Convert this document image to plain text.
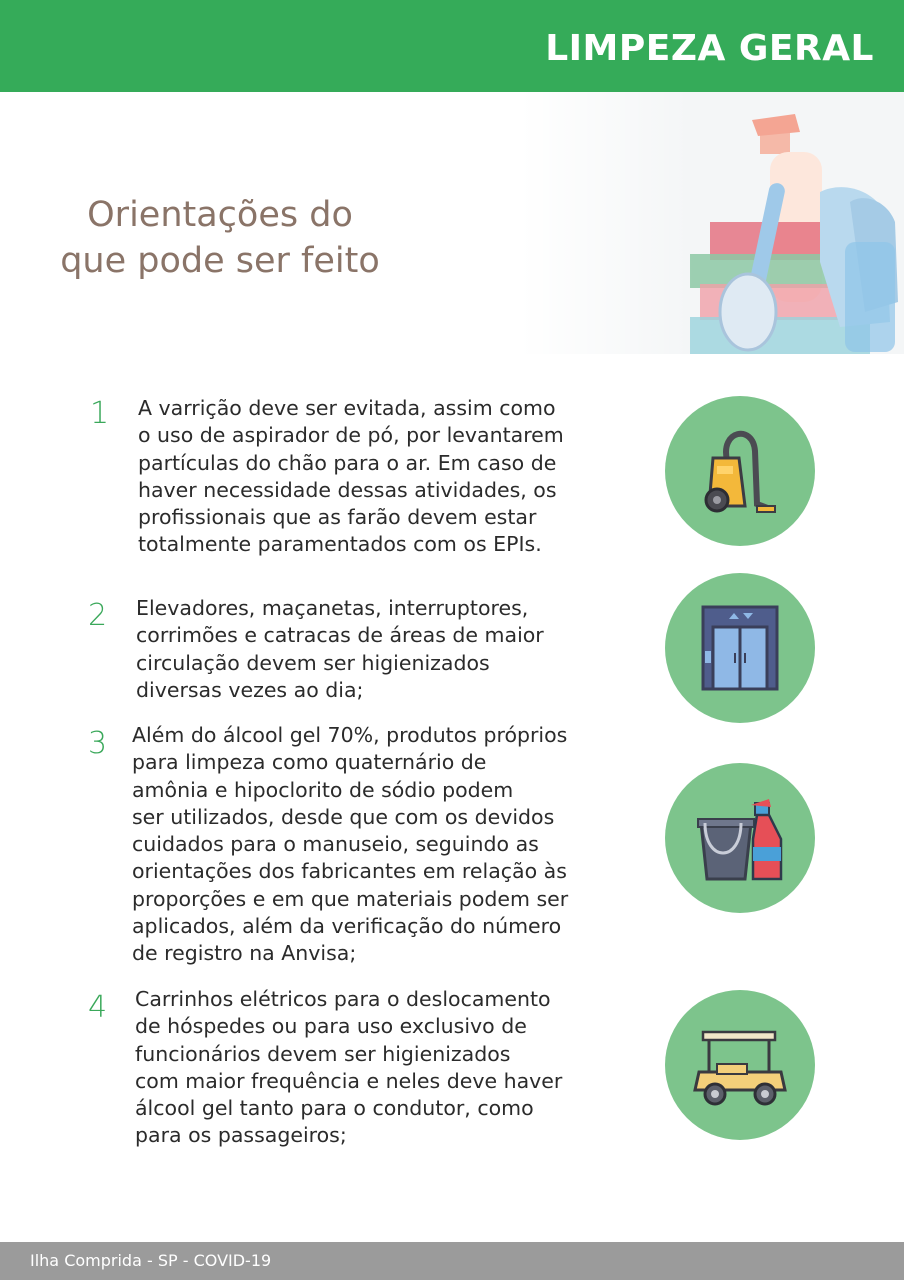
LIMPEZA GERAL
Orientações do
que pode ser feito
1 A varrição deve ser evitada, assim como
o uso de aspirador de pó, por levantarem
partículas do chão para o ar. Em caso de
haver necessidade dessas atividades, os
profissionais que as farão devem estar
totalmente paramentados com os EPIs.
2 Elevadores, maçanetas, interruptores,
corrimões e catracas de áreas de maior
circulação devem ser higienizados
diversas vezes ao dia;
3 Além do álcool gel 70%, produtos próprios
para limpeza como quaternário de
amônia e hipoclorito de sódio podem
ser utilizados, desde que com os devidos
cuidados para o manuseio, seguindo as
orientações dos fabricantes em relação às
proporções e em que materiais podem ser
aplicados, além da verificação do número
de registro na Anvisa;
4 Carrinhos elétricos para o deslocamento
de hóspedes ou para uso exclusivo de
funcionários devem ser higienizados
com maior frequência e neles deve haver
álcool gel tanto para o condutor, como
para os passageiros;
Ilha Comprida - SP - COVID-19
